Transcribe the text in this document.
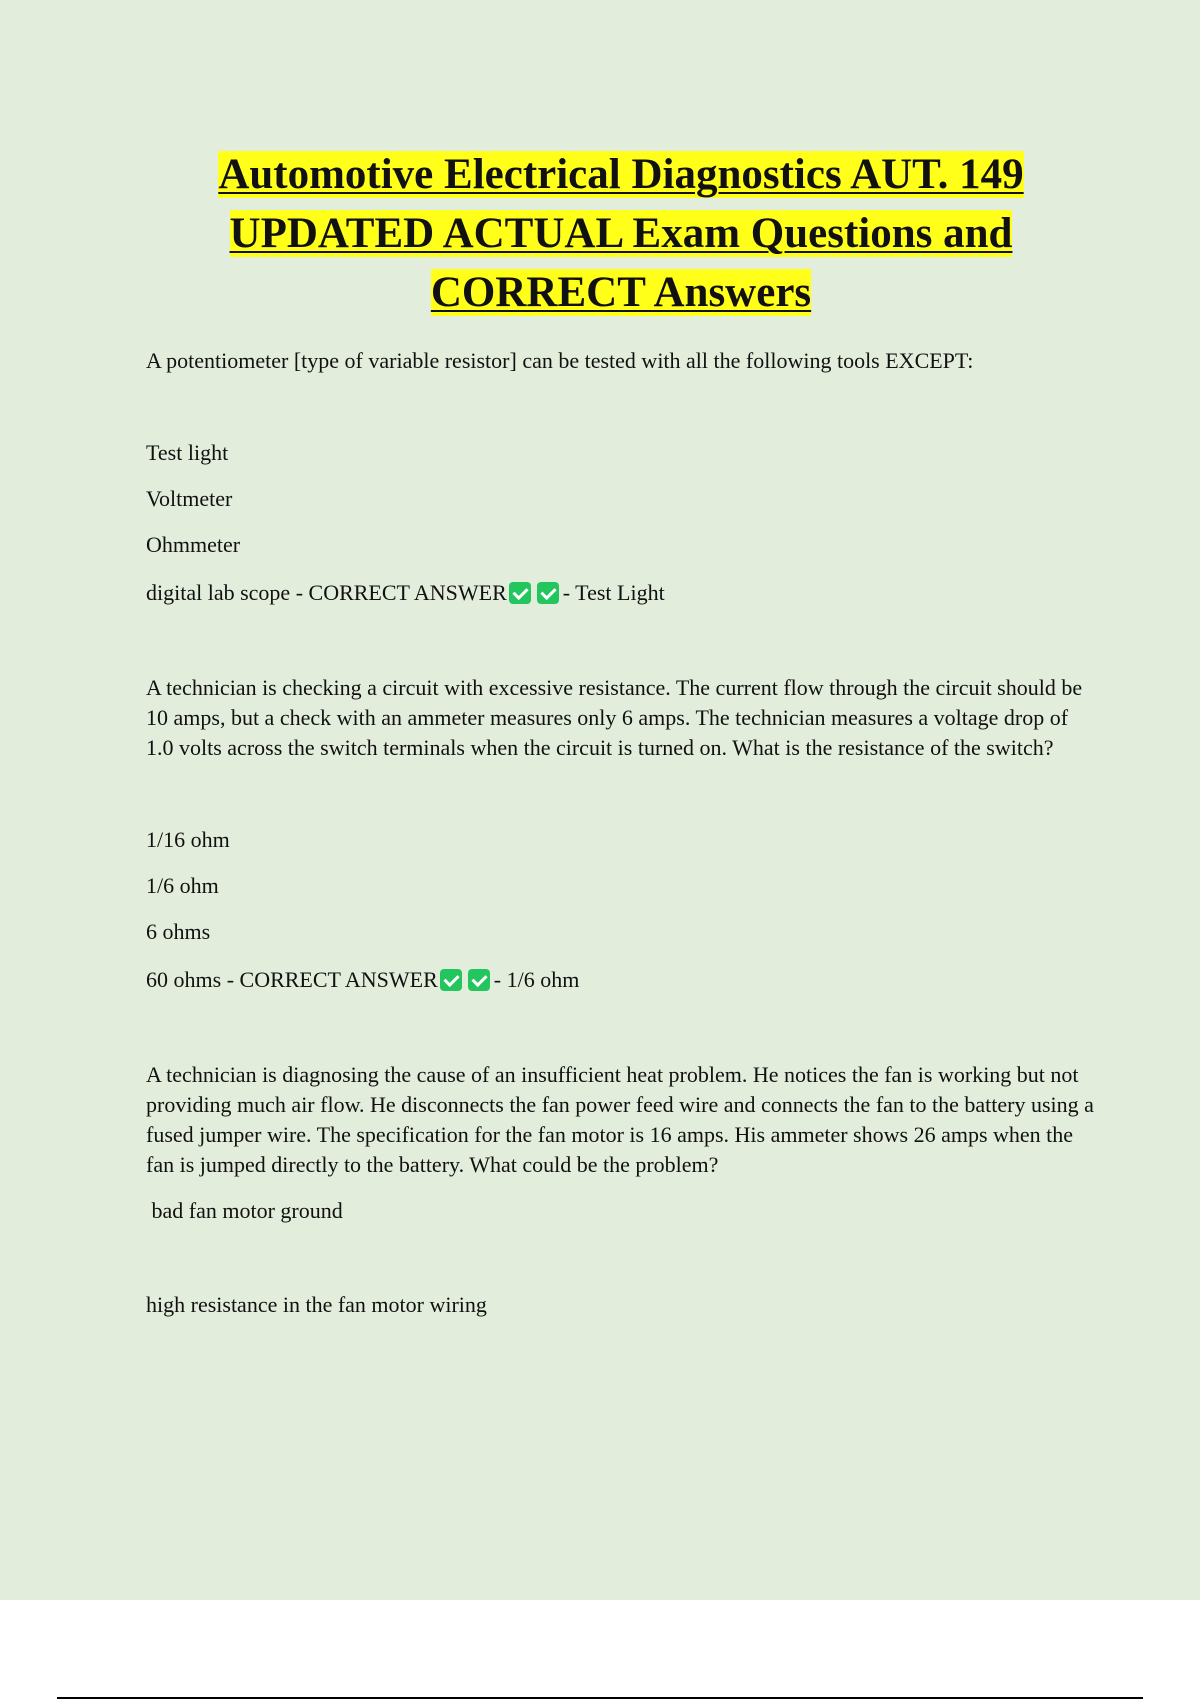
Automotive Electrical Diagnostics AUT. 149
UPDATED ACTUAL Exam Questions and
CORRECT Answers

A potentiometer [type of variable resistor] can be tested with all the following tools EXCEPT:

Test light

Voltmeter

Ohmmeter

digital lab scope - CORRECT ANSWER	- Test Light

A technician is checking a circuit with excessive resistance. The current flow through the circuit should be 10 amps, but a check with an ammeter measures only 6 amps. The technician measures a voltage drop of 1.0 volts across the switch terminals when the circuit is turned on. What is the resistance of the switch?

1/16 ohm

1/6 ohm

6 ohms

60 ohms - CORRECT ANSWER	- 1/6 ohm

A technician is diagnosing the cause of an insufficient heat problem. He notices the fan is working but not providing much air flow. He disconnects the fan power feed wire and connects the fan to the battery using a fused jumper wire. The specification for the fan motor is 16 amps. His ammeter shows 26 amps when the fan is jumped directly to the battery. What could be the problem?

bad fan motor ground

high resistance in the fan motor wiring
